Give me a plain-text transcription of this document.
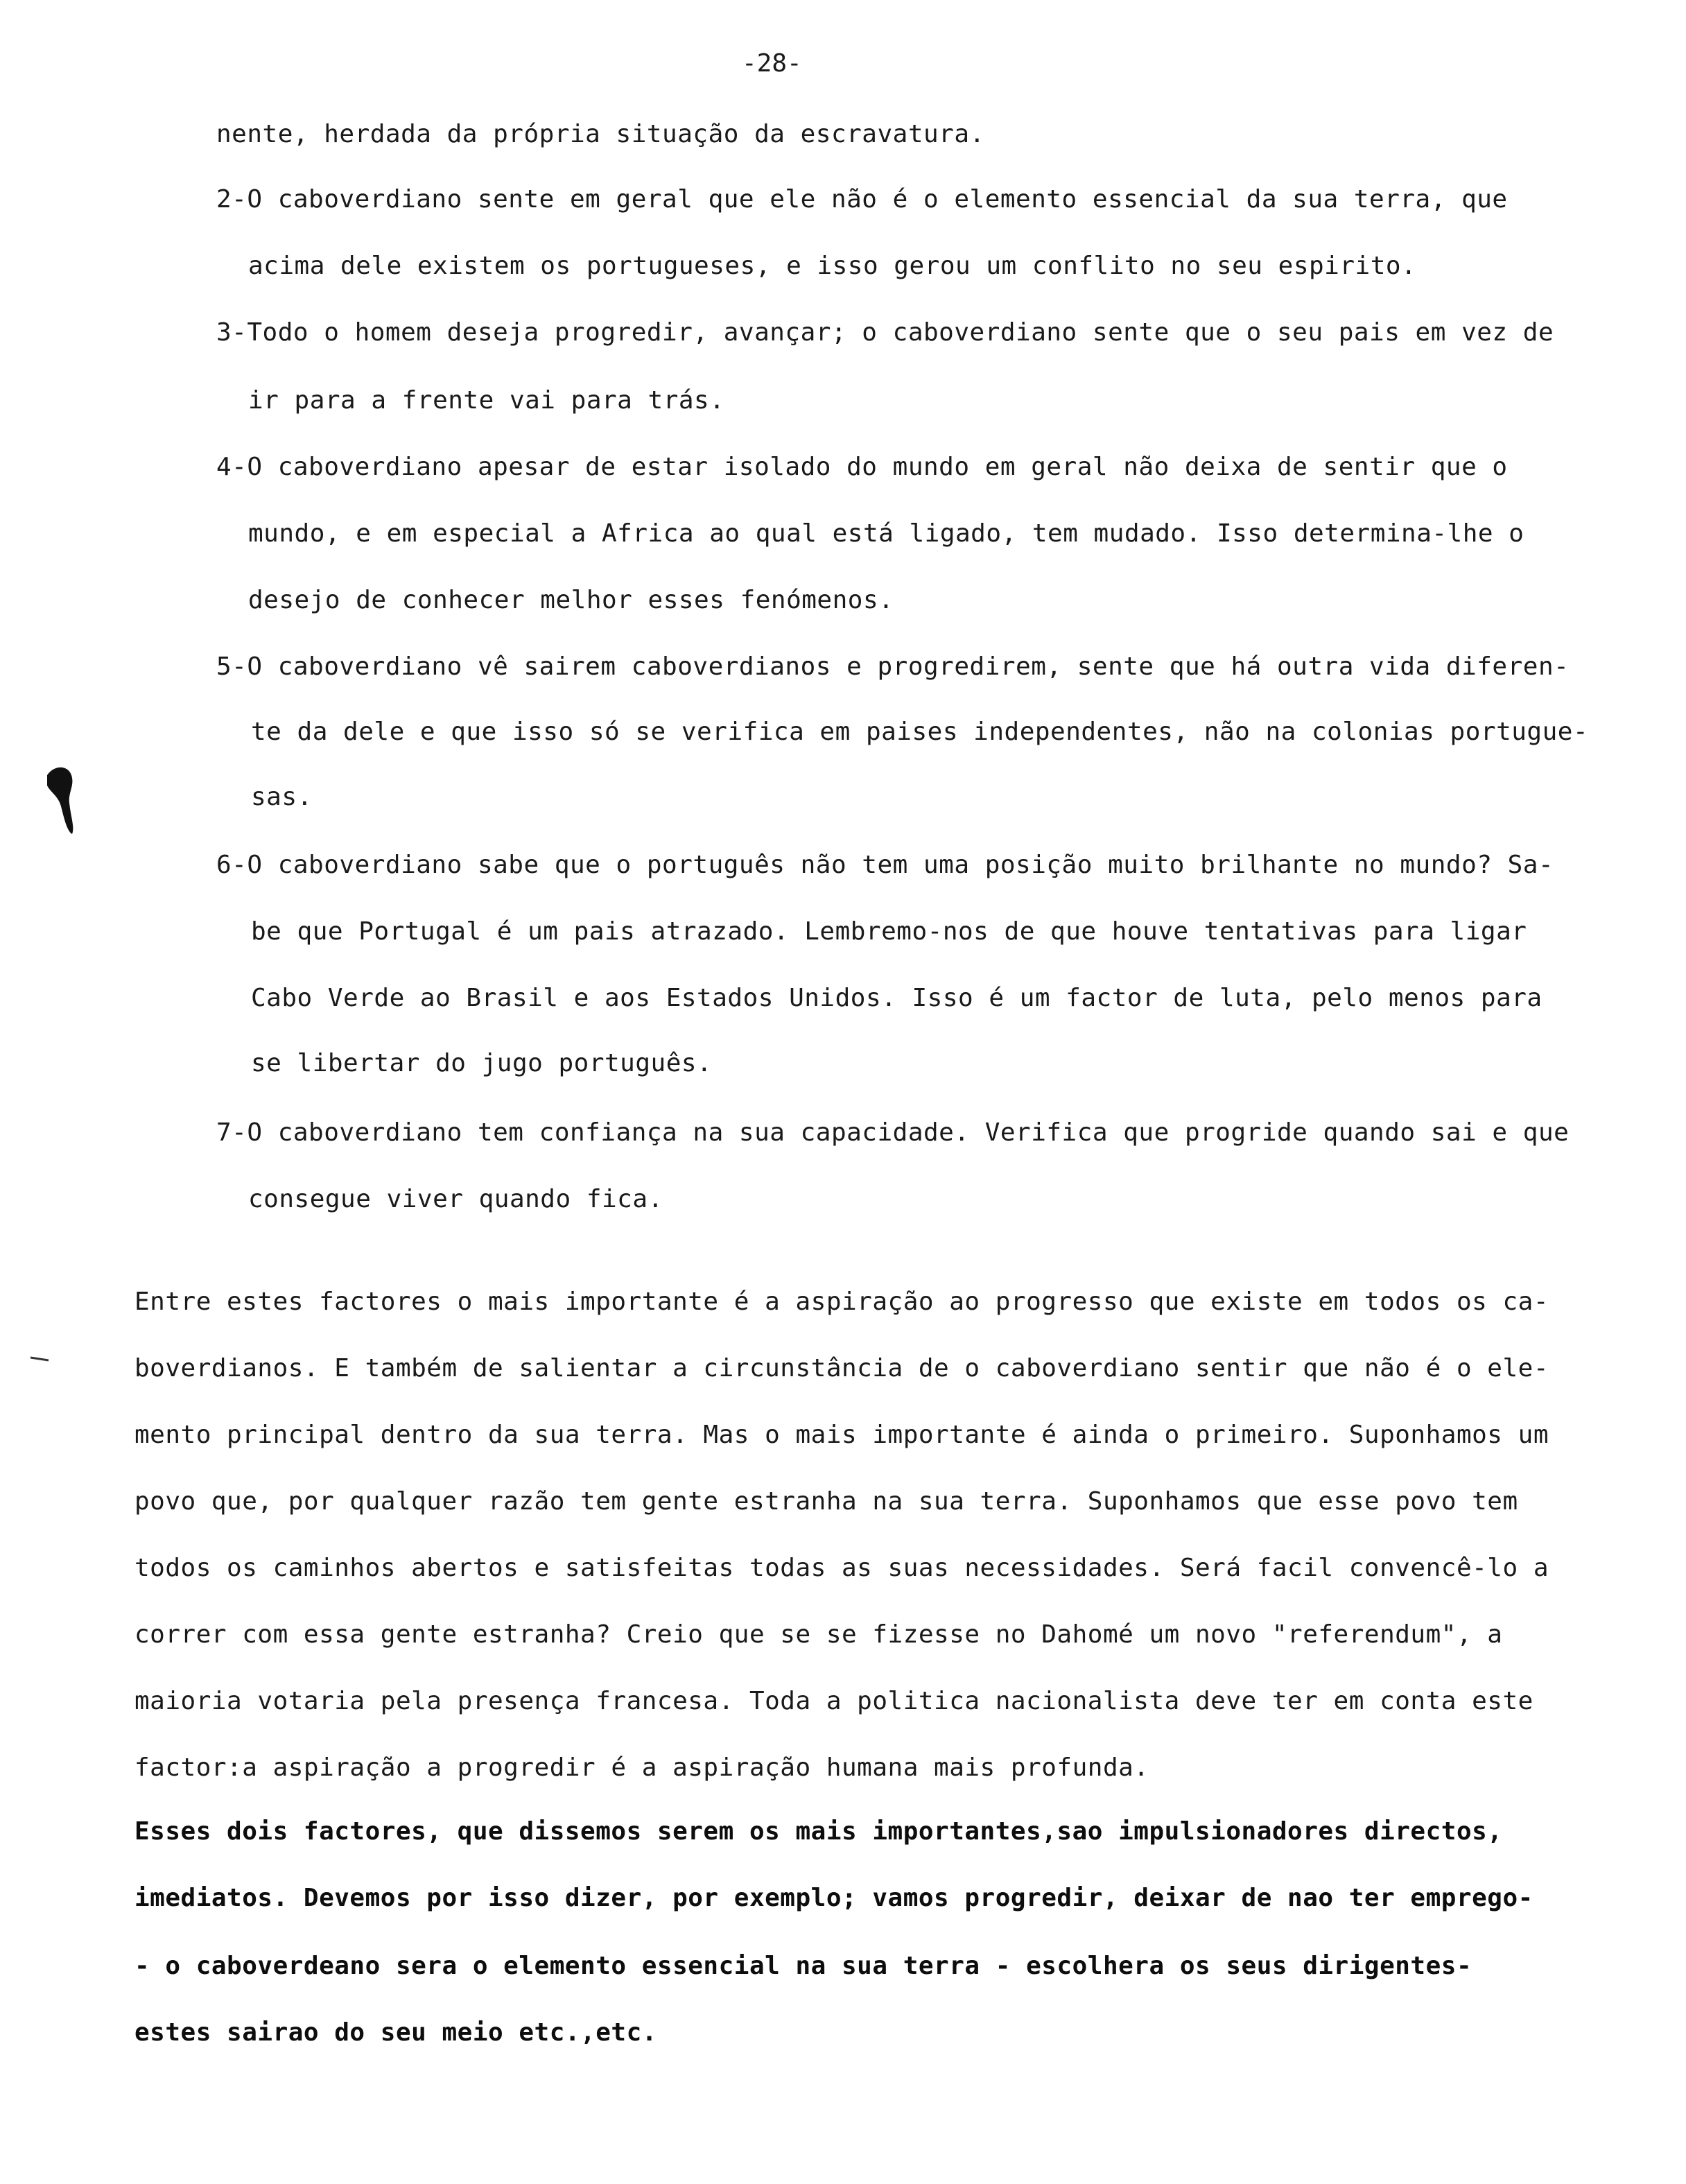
-28-
nente, herdada da própria situação da escravatura.
2-O caboverdiano sente em geral que ele não é o elemento essencial da sua terra, que
acima dele existem os portugueses, e isso gerou um conflito no seu espirito.
3-Todo o homem deseja progredir, avançar; o caboverdiano sente que o seu pais em vez de
ir para a frente vai para trás.
4-O caboverdiano apesar de estar isolado do mundo em geral não deixa de sentir que o
mundo, e em especial a Africa ao qual está ligado, tem mudado. Isso determina-lhe o
desejo de conhecer melhor esses fenómenos.
5-O caboverdiano vê sairem caboverdianos e progredirem, sente que há outra vida diferen-
te da dele e que isso só se verifica em paises independentes, não na colonias portugue-
sas.
6-O caboverdiano sabe que o português não tem uma posição muito brilhante no mundo? Sa-
be que Portugal é um pais atrazado. Lembremo-nos de que houve tentativas para ligar
Cabo Verde ao Brasil e aos Estados Unidos. Isso é um factor de luta, pelo menos para
se libertar do jugo português.
7-O caboverdiano tem confiança na sua capacidade. Verifica que progride quando sai e que
consegue viver quando fica.
Entre estes factores o mais importante é a aspiração ao progresso que existe em todos os ca-
boverdianos. E também de salientar a circunstância de o caboverdiano sentir que não é o ele-
mento principal dentro da sua terra. Mas o mais importante é ainda o primeiro. Suponhamos um
povo que, por qualquer razão tem gente estranha na sua terra. Suponhamos que esse povo tem
todos os caminhos abertos e satisfeitas todas as suas necessidades. Será facil convencê-lo a
correr com essa gente estranha? Creio que se se fizesse no Dahomé um novo "referendum", a
maioria votaria pela presença francesa. Toda a politica nacionalista deve ter em conta este
factor:a aspiração a progredir é a aspiração humana mais profunda.
Esses dois factores, que dissemos serem os mais importantes,sao impulsionadores directos,
imediatos. Devemos por isso dizer, por exemplo; vamos progredir, deixar de nao ter emprego-
- o caboverdeano sera o elemento essencial na sua terra - escolhera os seus dirigentes-
estes sairao do seu meio etc.,etc.
